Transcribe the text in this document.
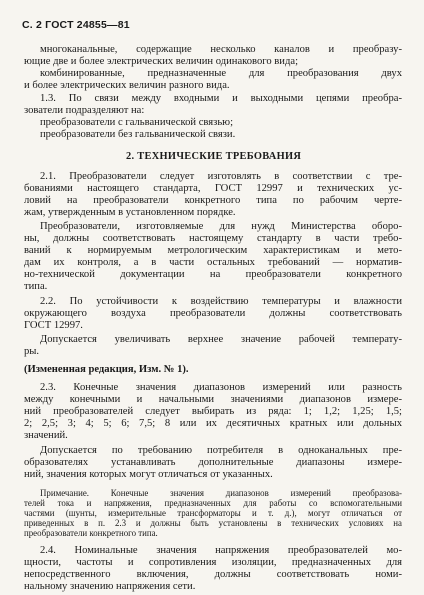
С. 2 ГОСТ 24855—81
многоканальные, содержащие несколько каналов и преобразу-
ющие две и более электрических величин одинакового вида;
комбинированные, предназначенные для преобразования двух
и более электрических величин разного вида.
1.3. По связи между входными и выходными цепями преобра-
зователи подразделяют на:
преобразователи с гальванической связью;
преобразователи без гальванической связи.
2. ТЕХНИЧЕСКИЕ ТРЕБОВАНИЯ
2.1. Преобразователи следует изготовлять в соответствии с тре-
бованиями настоящего стандарта, ГОСТ 12997 и технических ус-
ловий на преобразователи конкретного типа по рабочим черте-
жам, утвержденным в установленном порядке.
Преобразователи, изготовляемые для нужд Министерства оборо-
ны, должны соответствовать настоящему стандарту в части требо-
ваний к нормируемым метрологическим характеристикам и мето-
дам их контроля, а в части остальных требований — норматив-
но-технической документации на преобразователи конкретного
типа.
2.2. По устойчивости к воздействию температуры и влажности
окружающего воздуха преобразователи должны соответствовать
ГОСТ 12997.
Допускается увеличивать верхнее значение рабочей температу-
ры.
(Измененная редакция, Изм. № 1).
2.3. Конечные значения диапазонов измерений или разность
между конечными и начальными значениями диапазонов измере-
ний преобразователей следует выбирать из ряда: 1; 1,2; 1,25; 1,5;
2; 2,5; 3; 4; 5; 6; 7,5; 8 или их десятичных кратных или дольных
значений.
Допускается по требованию потребителя в одноканальных пре-
образователях устанавливать дополнительные диапазоны измере-
ний, значения которых могут отличаться от указанных.
Примечание. Конечные значения диапазонов измерений преобразова-
телей тока и напряжения, предназначенных для работы со вспомогательными
частями (шунты, измерительные трансформаторы и т. д.), могут отличаться от
приведенных в п. 2.3 и должны быть установлены в технических условиях на
преобразователи конкретного типа.
2.4. Номинальные значения напряжения преобразователей мо-
щности, частоты и сопротивления изоляции, предназначенных для
непосредственного включения, должны соответствовать номи-
нальному значению напряжения сети.
